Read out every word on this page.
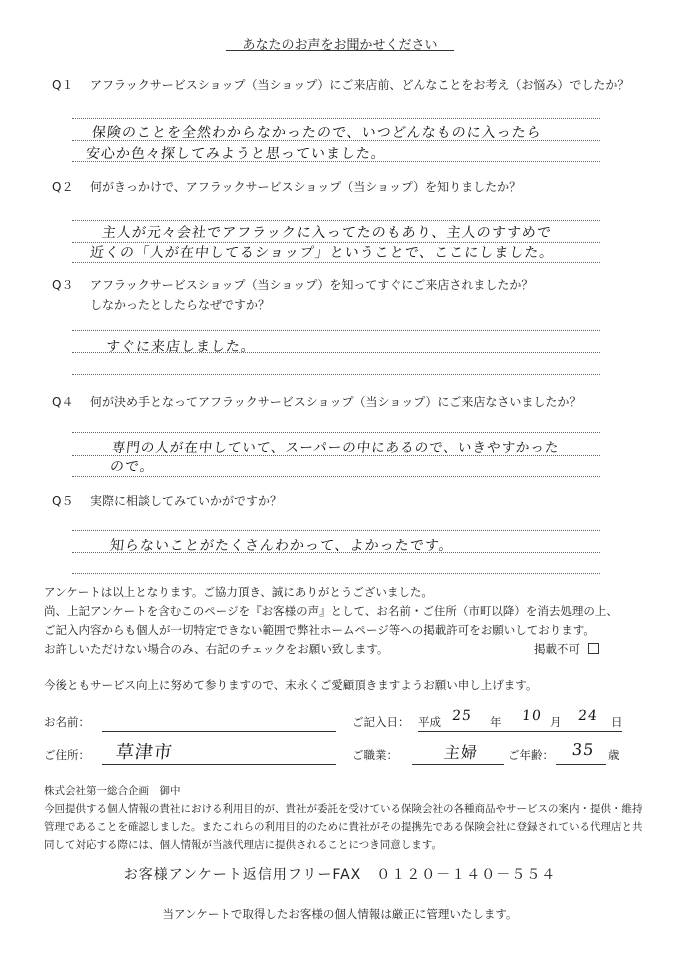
あなたのお声をお聞かせください
Q１ アフラックサービスショップ（当ショップ）にご来店前、どんなことをお考え（お悩み）でしたか？
保険のことを全然わからなかったので、いつどんなものに入ったら
安心か色々探してみようと思っていました。
Q２ 何がきっかけで、アフラックサービスショップ（当ショップ）を知りましたか？
主人が元々会社でアフラックに入ってたのもあり、主人のすすめで
近くの「人が在中してるショップ」ということで、ここにしました。
Q３ アフラックサービスショップ（当ショップ）を知ってすぐにご来店されましたか？
しなかったとしたらなぜですか？
すぐに来店しました。
Q４ 何が決め手となってアフラックサービスショップ（当ショップ）にご来店なさいましたか？
専門の人が在中していて、スーパーの中にあるので、いきやすかった
ので。
Q５ 実際に相談してみていかがですか？
知らないことがたくさんわかって、よかったです。
アンケートは以上となります。ご協力頂き、誠にありがとうございました。
尚、上記アンケートを含むこのページを『お客様の声』として、お名前・ご住所（市町以降）を消去処理の上、
ご記入内容からも個人が一切特定できない範囲で弊社ホームページ等への掲載許可をお願いしております。
お許しいただけない場合のみ、右記のチェックをお願い致します。	掲載不可
今後ともサービス向上に努めて参りますので、末永くご愛顧頂きますようお願い申し上げます。
お名前：	ご記入日： 平成 25 年 10 月 24 日
ご住所： 草津市	ご職業：	主婦	ご年齢： 35 歳
株式会社第一総合企画　御中
今回提供する個人情報の貴社における利用目的が、貴社が委託を受けている保険会社の各種商品やサービスの案内・提供・維持
管理であることを確認しました。またこれらの利用目的のために貴社がその提携先である保険会社に登録されている代理店と共
同して対応する際には、個人情報が当該代理店に提供されることにつき同意します。
お客様アンケート返信用フリーFAX　０１２０－１４０－５５４
当アンケートで取得したお客様の個人情報は厳正に管理いたします。
